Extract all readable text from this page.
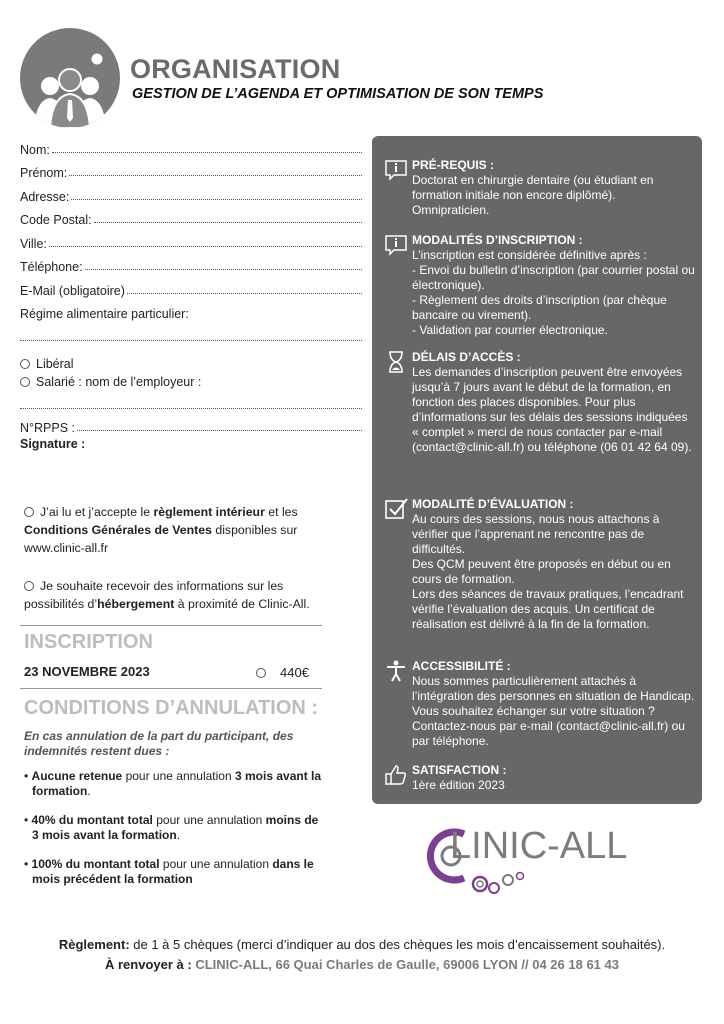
ORGANISATION
GESTION DE L’AGENDA ET OPTIMISATION DE SON TEMPS
Nom:
Prénom:
Adresse:
Code Postal:
Ville:
Téléphone:
E-Mail (obligatoire)
Régime alimentaire particulier:
Libéral
Salarié : nom de l’employeur :
N°RPPS :
Signature :

J’ai lu et j’accepte le règlement intérieur et les Conditions Générales de Ventes disponibles sur www.clinic-all.fr

Je souhaite recevoir des informations sur les possibilités d’hébergement à proximité de Clinic-All.

INSCRIPTION
23 NOVEMBRE 2023	440€
CONDITIONS D’ANNULATION :
En cas annulation de la part du participant, des indemnités restent dues :

• Aucune retenue pour une annulation 3 mois avant la formation.

• 40% du montant total pour une annulation moins de 3 mois avant la formation.

• 100% du montant total pour une annulation dans le mois précédent la formation

PRÉ-REQUIS :
Doctorat en chirurgie dentaire (ou étudiant en formation initiale non encore diplômé). Omnipraticien.
MODALITÉS D’INSCRIPTION :
L’inscription est considérée définitive après :
- Envoi du bulletin d’inscription (par courrier postal ou électronique).
- Règlement des droits d’inscription (par chèque bancaire ou virement).
- Validation par courrier électronique.
DÉLAIS D’ACCÈS :
Les demandes d’inscription peuvent être envoyées jusqu’à 7 jours avant le début de la formation, en fonction des places disponibles. Pour plus d’informations sur les délais des sessions indiquées « complet » merci de nous contacter par e-mail (contact@clinic-all.fr) ou téléphone (06 01 42 64 09).
MODALITÉ D’ÉVALUATION :
Au cours des sessions, nous nous attachons à vérifier que l’apprenant ne rencontre pas de difficultés.
Des QCM peuvent être proposés en début ou en cours de formation.
Lors des séances de travaux pratiques, l’encadrant vérifie l’évaluation des acquis. Un certificat de réalisation est délivré à la fin de la formation.
ACCESSIBILITÉ :
Nous sommes particulièrement attachés à l’intégration des personnes en situation de Handicap. Vous souhaitez échanger sur votre situation ? Contactez-nous par e-mail (contact@clinic-all.fr) ou par téléphone.
SATISFACTION :
1ère édition 2023
LINIC-ALL
Règlement: de 1 à 5 chèques (merci d’indiquer au dos des chèques les mois d’encaissement souhaités).
À renvoyer à : CLINIC-ALL, 66 Quai Charles de Gaulle, 69006 LYON // 04 26 18 61 43
